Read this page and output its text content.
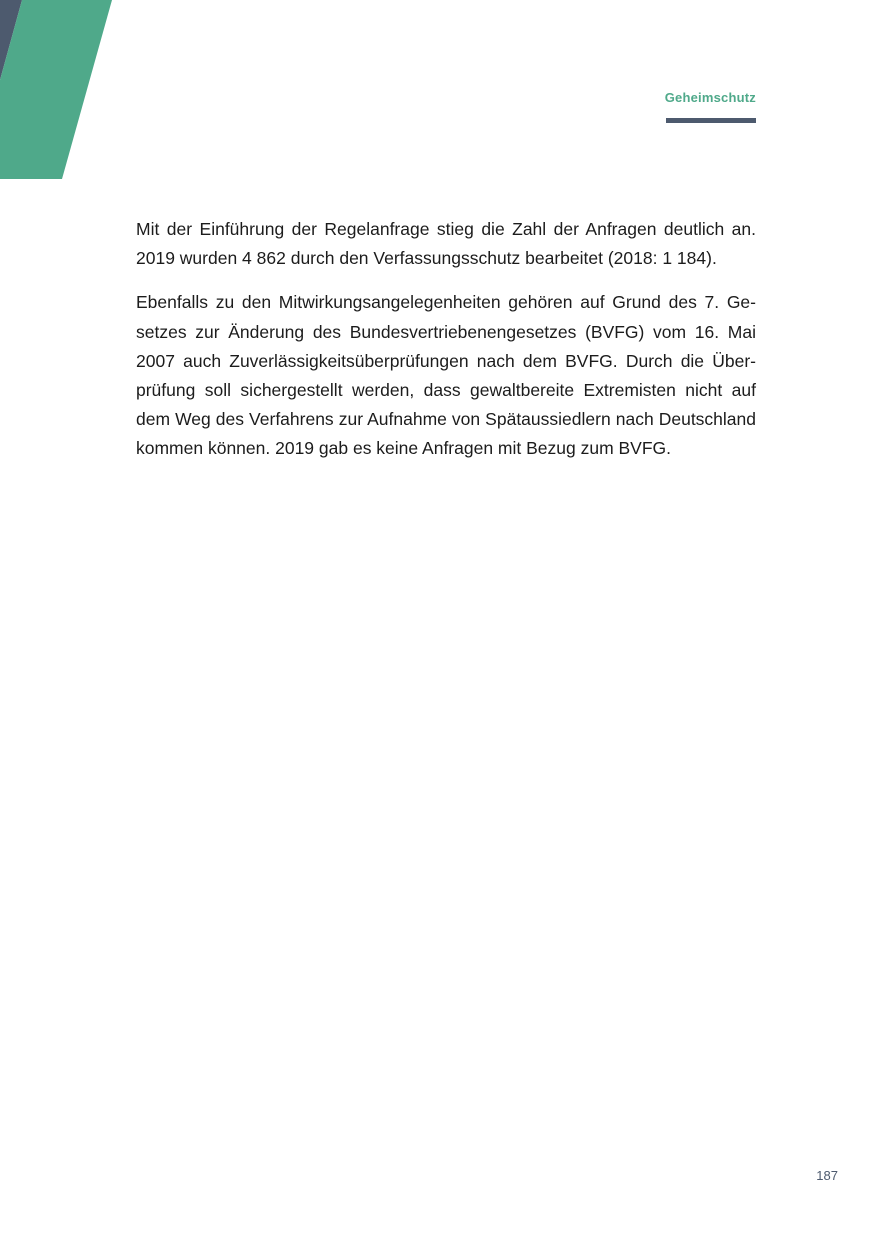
Geheimschutz

Mit der Einführung der Regelanfrage stieg die Zahl der Anfragen deutlich an. 2019 wurden 4 862 durch den Verfassungsschutz bearbeitet (2018: 1 184).

Ebenfalls zu den Mitwirkungsangelegenheiten gehören auf Grund des 7. Gesetzes zur Änderung des Bundesvertriebenengesetzes (BVFG) vom 16. Mai 2007 auch Zuverlässigkeitsüberprüfungen nach dem BVFG. Durch die Überprüfung soll sichergestellt werden, dass gewaltbereite Extremisten nicht auf dem Weg des Verfahrens zur Aufnahme von Spätaussiedlern nach Deutschland kommen können. 2019 gab es keine Anfragen mit Bezug zum BVFG.

187
